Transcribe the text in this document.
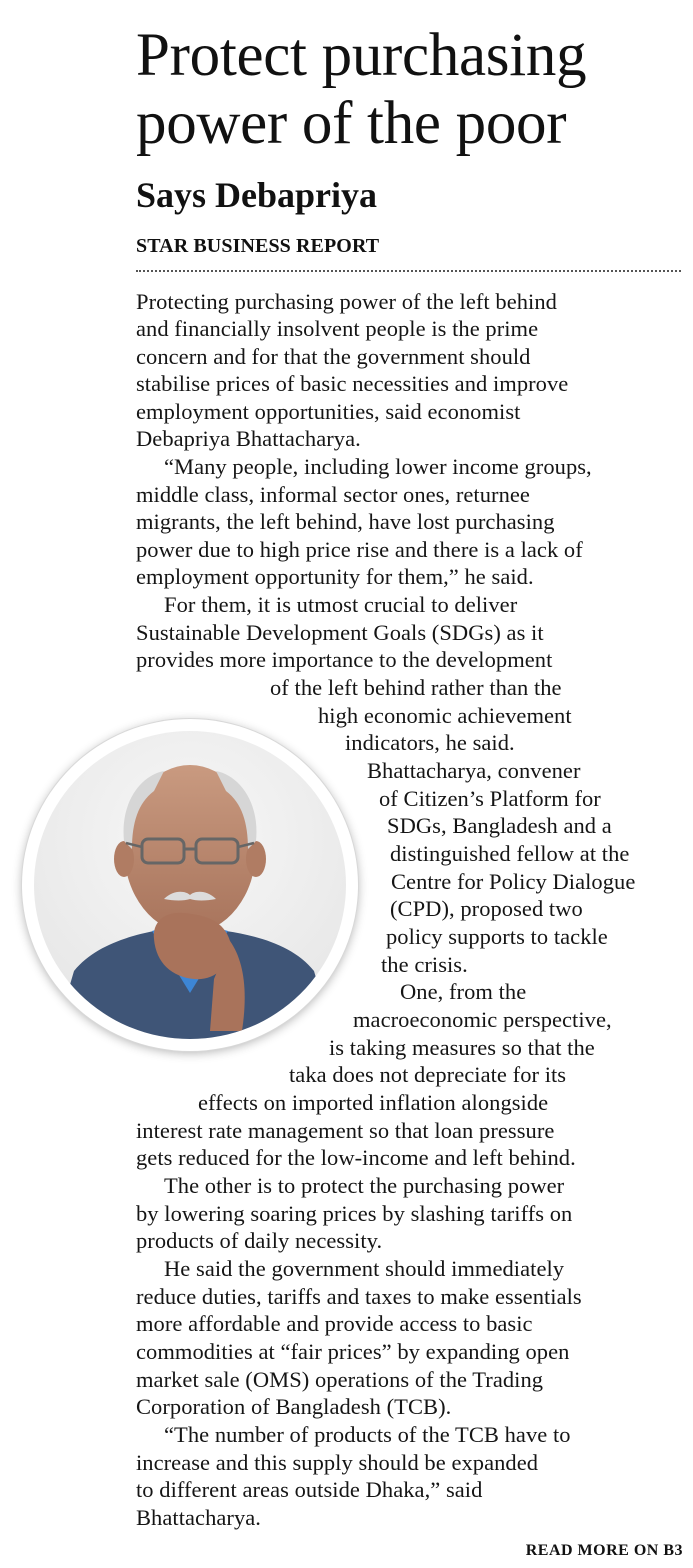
Protect purchasing
power of the poor
Says Debapriya
STAR BUSINESS REPORT
Protecting purchasing power of the left behind
and financially insolvent people is the prime
concern and for that the government should
stabilise prices of basic necessities and improve
employment opportunities, said economist
Debapriya Bhattacharya.
“Many people, including lower income groups,
middle class, informal sector ones, returnee
migrants, the left behind, have lost purchasing
power due to high price rise and there is a lack of
employment opportunity for them,” he said.
For them, it is utmost crucial to deliver
Sustainable Development Goals (SDGs) as it
provides more importance to the development
of the left behind rather than the
high economic achievement
indicators, he said.
Bhattacharya, convener
of Citizen’s Platform for
SDGs, Bangladesh and a
distinguished fellow at the
Centre for Policy Dialogue
(CPD), proposed two
policy supports to tackle
the crisis.
One, from the
macroeconomic perspective,
is taking measures so that the
taka does not depreciate for its
effects on imported inflation alongside
interest rate management so that loan pressure
gets reduced for the low-income and left behind.
The other is to protect the purchasing power
by lowering soaring prices by slashing tariffs on
products of daily necessity.
He said the government should immediately
reduce duties, tariffs and taxes to make essentials
more affordable and provide access to basic
commodities at “fair prices” by expanding open
market sale (OMS) operations of the Trading
Corporation of Bangladesh (TCB).
“The number of products of the TCB have to
increase and this supply should be expanded
to different areas outside Dhaka,” said
Bhattacharya.
READ MORE ON B3
